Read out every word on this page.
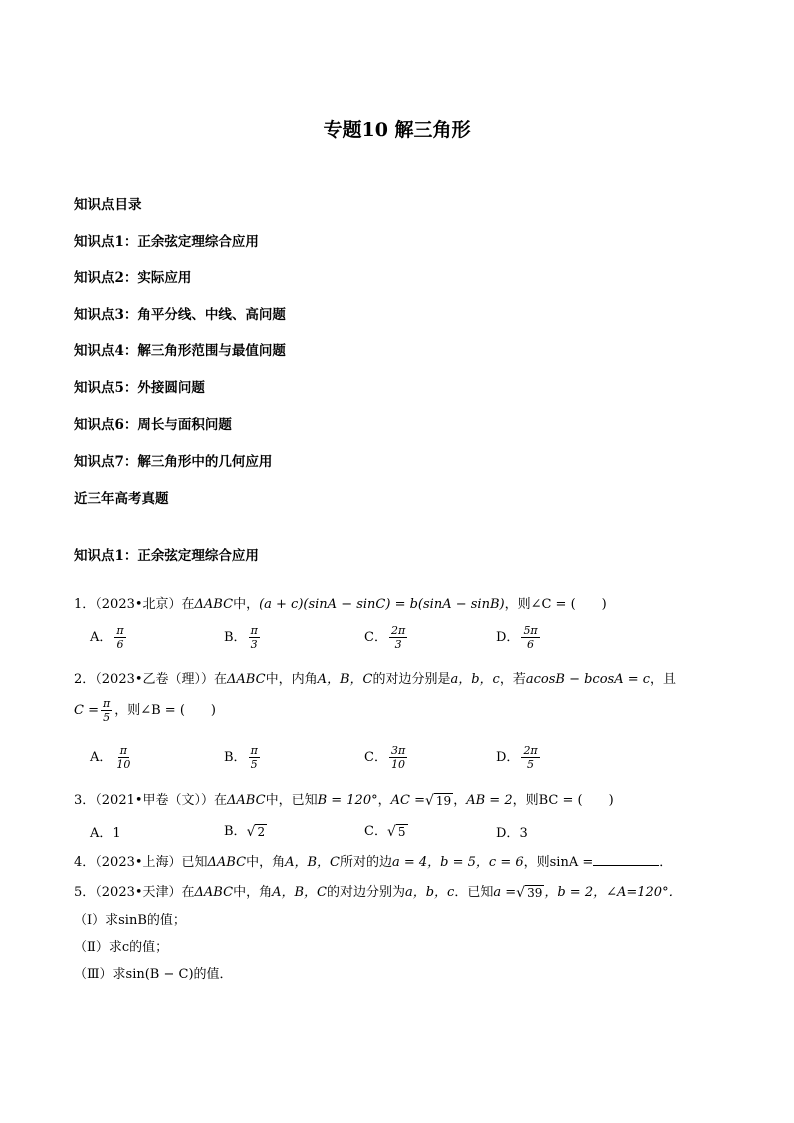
专题10 解三角形
知识点目录
知识点1：正余弦定理综合应用
知识点2：实际应用
知识点3：角平分线、中线、高问题
知识点4：解三角形范围与最值问题
知识点5：外接圆问题
知识点6：周长与面积问题
知识点7：解三角形中的几何应用
近三年高考真题
知识点1：正余弦定理综合应用
1．（2023•北京）在ΔABC中，(a + c)(sinA − sinC) = b(sinA − sinB)，则∠C = (　　)
A． $\frac{\pi}{6}$	B． $\frac{\pi}{3}$	C． $\frac{2\pi}{3}$	D． $\frac{5\pi}{6}$
2．（2023•乙卷（理））在ΔABC中，内角A，B，C的对边分别是a，b，c，若acosB − bcosA = c，且
$C = \frac{\pi}{5}$ ，则∠B = (　　)
A． $\frac{\pi}{10}$	B． $\frac{\pi}{5}$	C． $\frac{3\pi}{10}$	D． $\frac{2\pi}{5}$
3．（2021•甲卷（文））在ΔABC中，已知B = 120°，AC = √ 19 ，AB = 2，则BC = (　　)
A．1	B． √ 2	C． √ 5	D．3
4．（2023•上海）已知ΔABC中，角A，B，C所对的边a = 4，b = 5，c = 6，则sinA =	．
5．（2023•天津）在ΔABC中，角A，B，C的对边分别为a，b，c．已知a = √ 39 ，b = 2，∠A=120°．
（Ⅰ）求sinB的值；
（Ⅱ）求c的值；
（Ⅲ）求sin(B − C)的值．
